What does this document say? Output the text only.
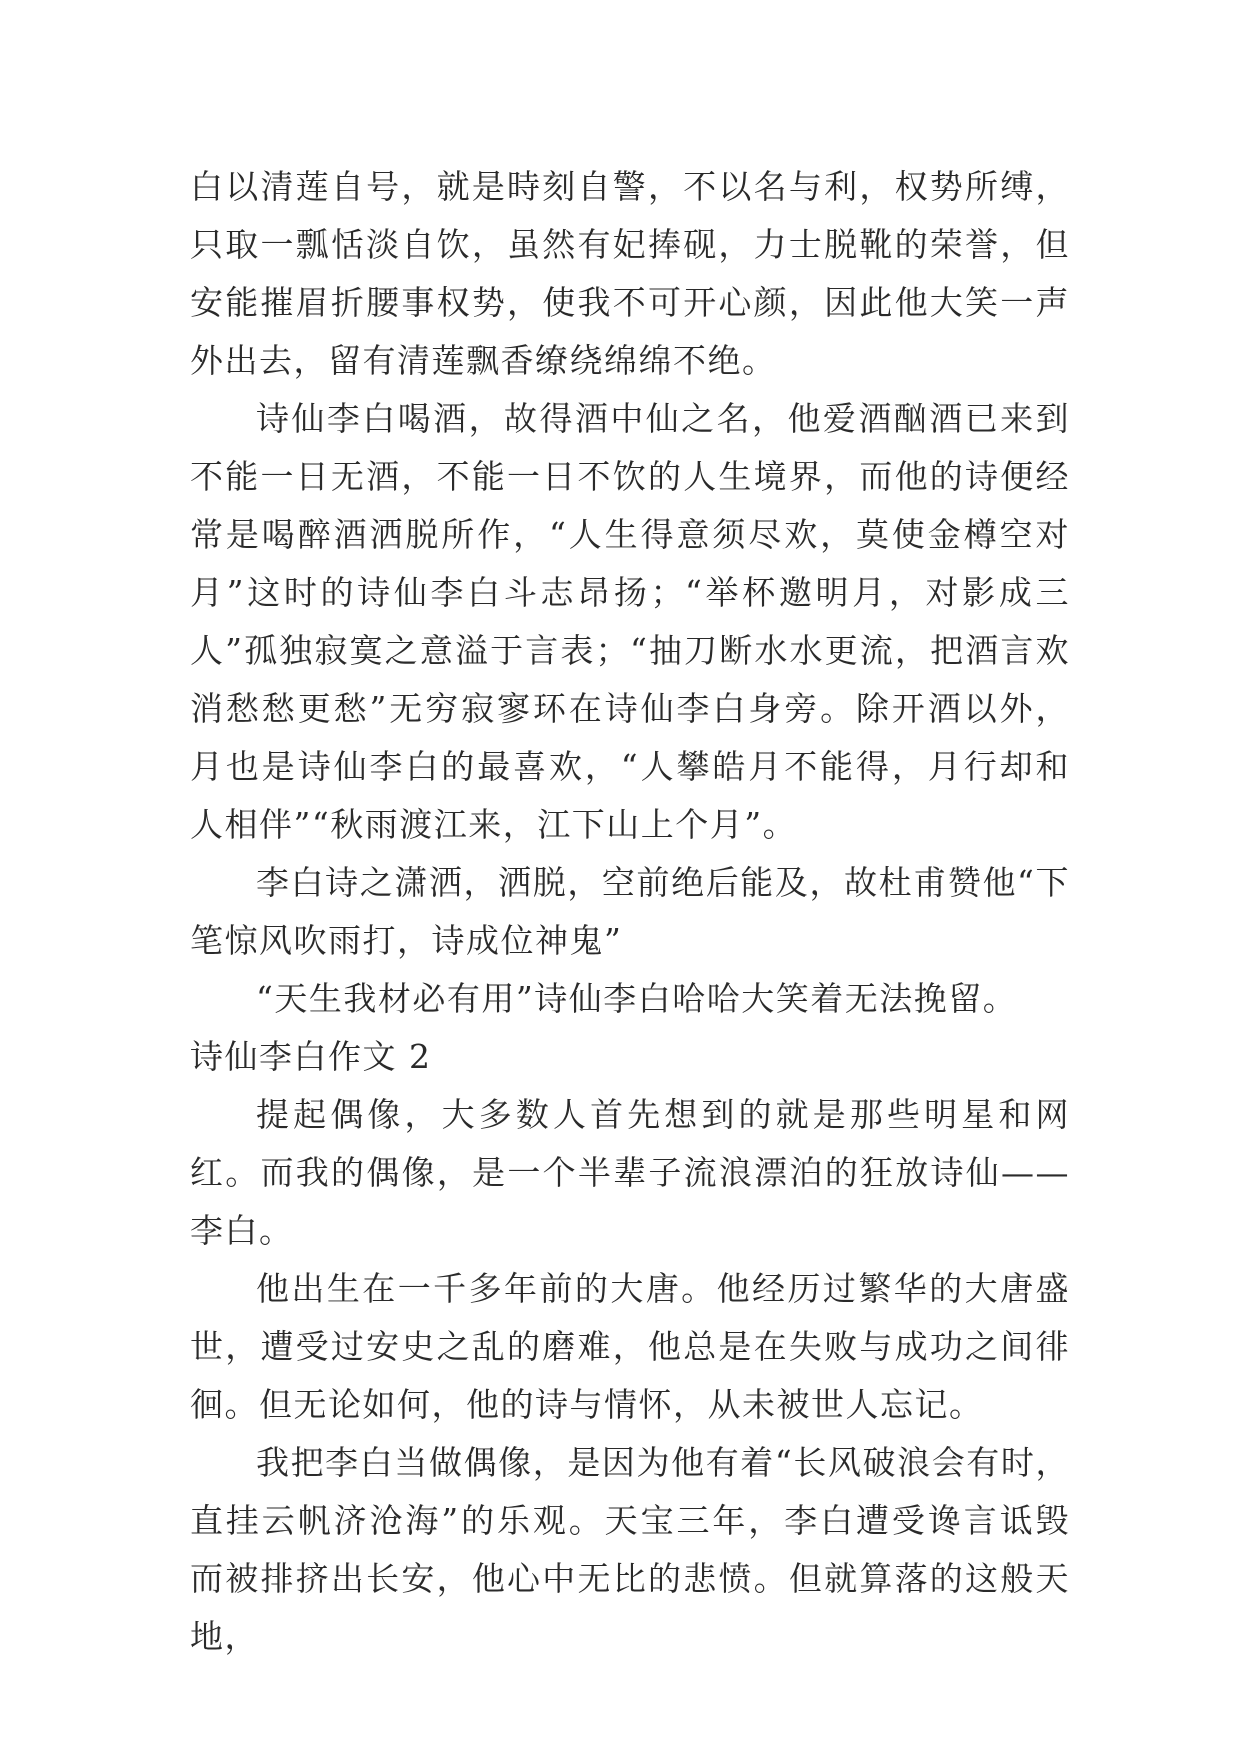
白以清莲自号，就是時刻自警，不以名与利，权势所缚，只取一瓢恬淡自饮，虽然有妃捧砚，力士脱靴的荣誉，但安能摧眉折腰事权势，使我不可开心颜，因此他大笑一声外出去，留有清莲飘香缭绕绵绵不绝。

诗仙李白喝酒，故得酒中仙之名，他爱酒酗酒已来到不能一日无酒，不能一日不饮的人生境界，而他的诗便经常是喝醉酒洒脱所作，“人生得意须尽欢，莫使金樽空对月”这时的诗仙李白斗志昂扬；“举杯邀明月，对影成三人”孤独寂寞之意溢于言表；“抽刀断水水更流，把酒言欢消愁愁更愁”无穷寂寥环在诗仙李白身旁。除开酒以外，月也是诗仙李白的最喜欢，“人攀皓月不能得，月行却和人相伴”“秋雨渡江来，江下山上个月”。

李白诗之潇洒，洒脱，空前绝后能及，故杜甫赞他“下笔惊风吹雨打，诗成位神鬼”

“天生我材必有用”诗仙李白哈哈大笑着无法挽留。

诗仙李白作文 2

提起偶像，大多数人首先想到的就是那些明星和网红。而我的偶像，是一个半辈子流浪漂泊的狂放诗仙——李白。

他出生在一千多年前的大唐。他经历过繁华的大唐盛世，遭受过安史之乱的磨难，他总是在失败与成功之间徘徊。但无论如何，他的诗与情怀，从未被世人忘记。

我把李白当做偶像，是因为他有着“长风破浪会有时，直挂云帆济沧海”的乐观。天宝三年，李白遭受谗言诋毁而被排挤出长安，他心中无比的悲愤。但就算落的这般天地，
